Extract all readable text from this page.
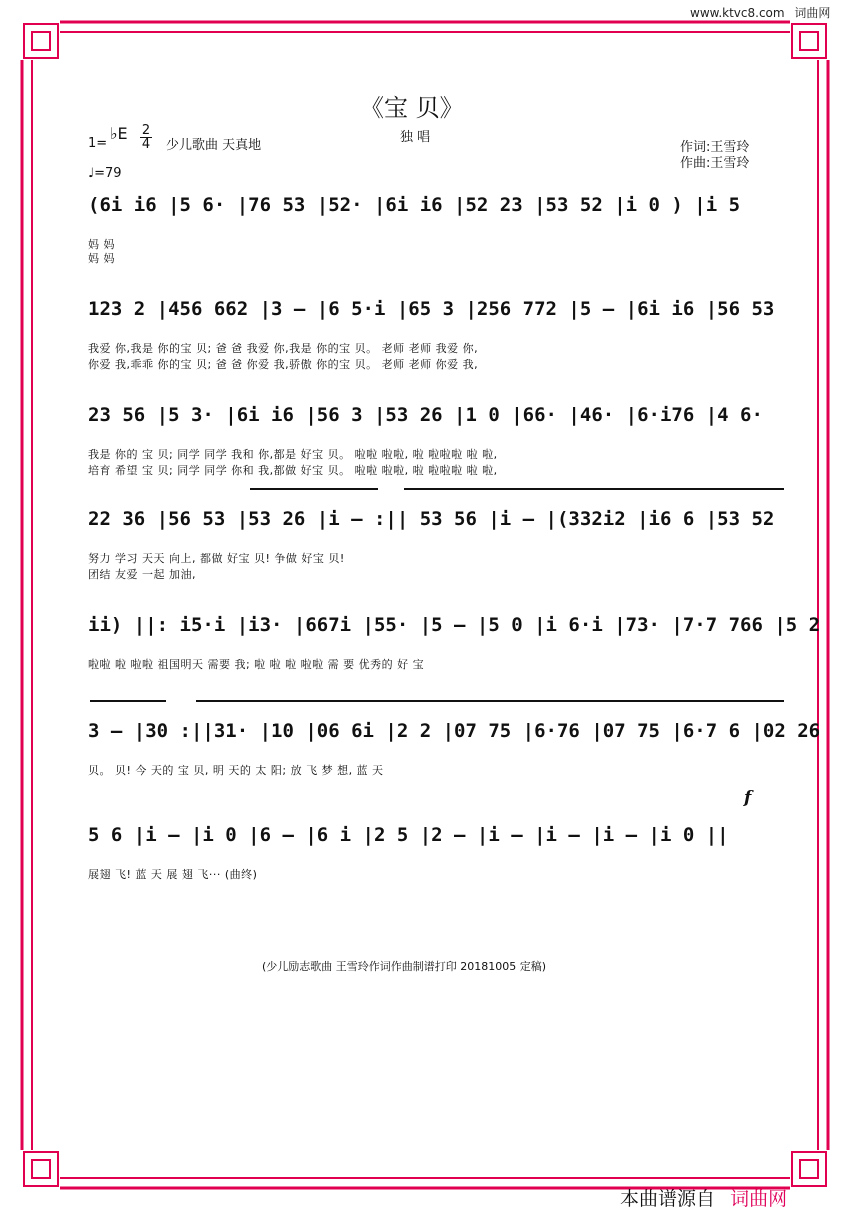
www.ktvc8.com 词曲网
《宝 贝》
独 唱
1=
♭E 2
4 少儿歌曲 天真地
♩=79
作词:王雪玲
作曲:王雪玲
(6i i6 |5 6· |76 53 |52· |6i i6 |52 23 |53 52 |i 0 ) |i 5
妈 妈
妈 妈
123 2 |456 662 |3 – |6 5·i |65 3 |256 772 |5 – |6i i6 |56 53
我爱 你,我是 你的宝 贝; 爸 爸 我爱 你,我是 你的宝 贝。 老师 老师 我爱 你,
你爱 我,乖乖 你的宝 贝; 爸 爸 你爱 我,骄傲 你的宝 贝。 老师 老师 你爱 我,
23 56 |5 3· |6i i6 |56 3 |53 26 |1 0 |66· |46· |6·i76 |4 6·
我是 你的 宝 贝; 同学 同学 我和 你,都是 好宝 贝。 啦啦 啦啦, 啦 啦啦啦 啦 啦,
培育 希望 宝 贝; 同学 同学 你和 我,都做 好宝 贝。 啦啦 啦啦, 啦 啦啦啦 啦 啦,
22 36 |56 53 |53 26 |i – :|| 53 56 |i – |(332i2 |i6 6 |53 52
努力 学习 天天 向上, 都做 好宝 贝! 争做 好宝 贝!
团结 友爱 一起 加油,
ii) ||: i5·i |i3· |667i |55· |5 – |5 0 |i 6·i |73· |7·7 766 |5 2
啦啦 啦 啦啦 祖国明天 需要 我; 啦 啦 啦 啦啦 需 要 优秀的 好 宝
3 – |30 :||31· |10 |06 6i |2 2 |07 75 |6·76 |07 75 |6·7 6 |02 26
贝。 贝! 今 天的 宝 贝, 明 天的 太 阳; 放 飞 梦 想, 蓝 天
f
5 6 |i – |i 0 |6 – |6 i |2 5 |2 – |i – |i – |i – |i 0 ||
展翅 飞! 蓝 天 展 翅 飞··· (曲终)
(少儿励志歌曲 王雪玲作词作曲制谱打印 20181005 定稿)
本曲谱源自 词曲网
